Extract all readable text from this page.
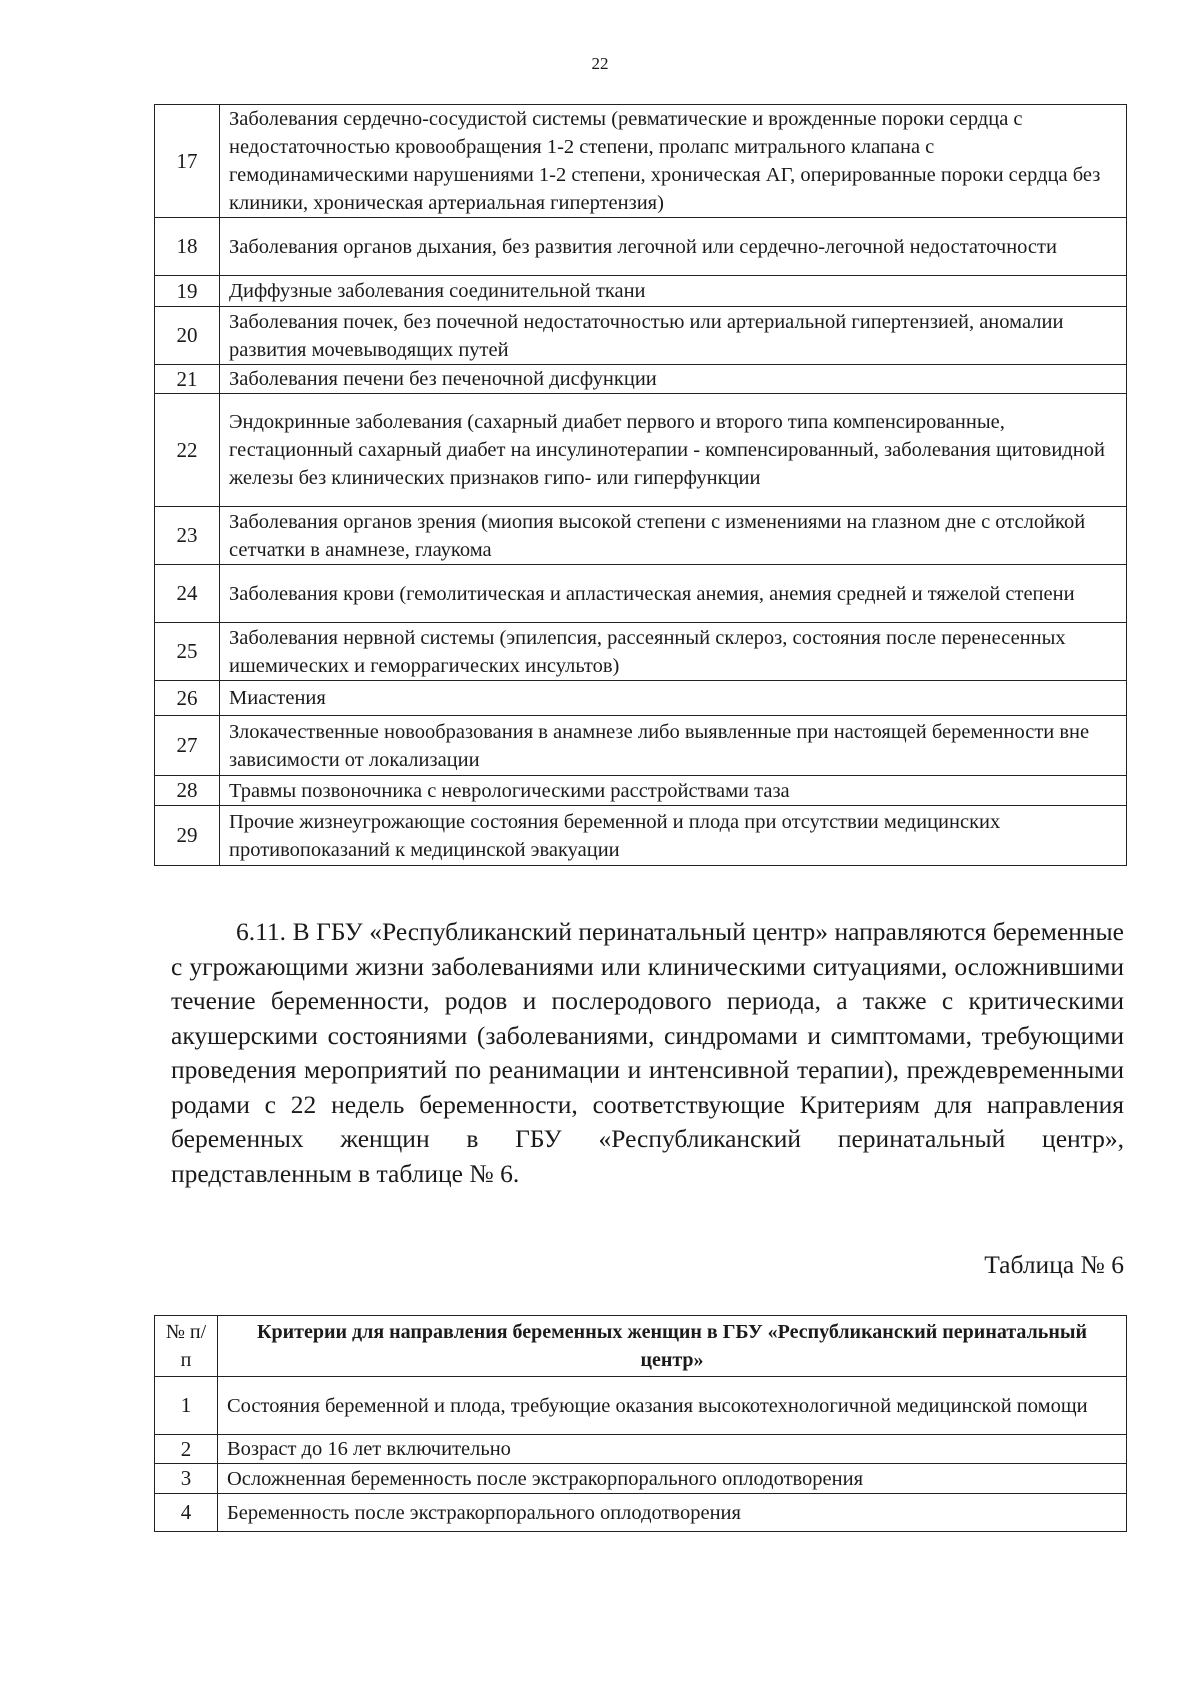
22
17	Заболевания сердечно-сосудистой системы (ревматические и врожденные пороки сердца с недостаточностью кровообращения 1-2 степени, пролапс митрального клапана с гемодинамическими нарушениями 1-2 степени, хроническая АГ, оперированные пороки сердца без клиники, хроническая артериальная гипертензия)
18	Заболевания органов дыхания, без развития легочной или сердечно-легочной недостаточности
19	Диффузные заболевания соединительной ткани
20	Заболевания почек, без почечной недостаточностью или артериальной гипертензией, аномалии развития мочевыводящих путей
21	Заболевания печени без печеночной дисфункции
22	Эндокринные заболевания (сахарный диабет первого и второго типа компенсированные, гестационный сахарный диабет на инсулинотерапии - компенсированный, заболевания щитовидной железы без клинических признаков гипо- или гиперфункции
23	Заболевания органов зрения (миопия высокой степени с изменениями на глазном дне с отслойкой сетчатки в анамнезе, глаукома
24	Заболевания крови (гемолитическая и апластическая анемия, анемия средней и тяжелой степени
25	Заболевания нервной системы (эпилепсия, рассеянный склероз, состояния после перенесенных ишемических и геморрагических инсультов)
26	Миастения
27	Злокачественные новообразования в анамнезе либо выявленные при настоящей беременности вне зависимости от локализации
28	Травмы позвоночника с неврологическими расстройствами таза
29	Прочие жизнеугрожающие состояния беременной и плода при отсутствии медицинских противопоказаний к медицинской эвакуации

6.11. В ГБУ «Республиканский перинатальный центр» направляются беременные с угрожающими жизни заболеваниями или клиническими ситуациями, осложнившими течение беременности, родов и послеродового периода, а также с критическими акушерскими состояниями (заболеваниями, синдромами и симптомами, требующими проведения мероприятий по реанимации и интенсивной терапии), преждевременными родами с 22 недель беременности, соответствующие Критериям для направления беременных женщин в ГБУ «Республиканский перинатальный центр», представленным в таблице № 6.

Таблица № 6
№ п/п	Критерии для направления беременных женщин в ГБУ «Республиканский перинатальный центр»
1	Состояния беременной и плода, требующие оказания высокотехнологичной медицинской помощи
2	Возраст до 16 лет включительно
3	Осложненная беременность после экстракорпорального оплодотворения
4	Беременность после экстракорпорального оплодотворения
